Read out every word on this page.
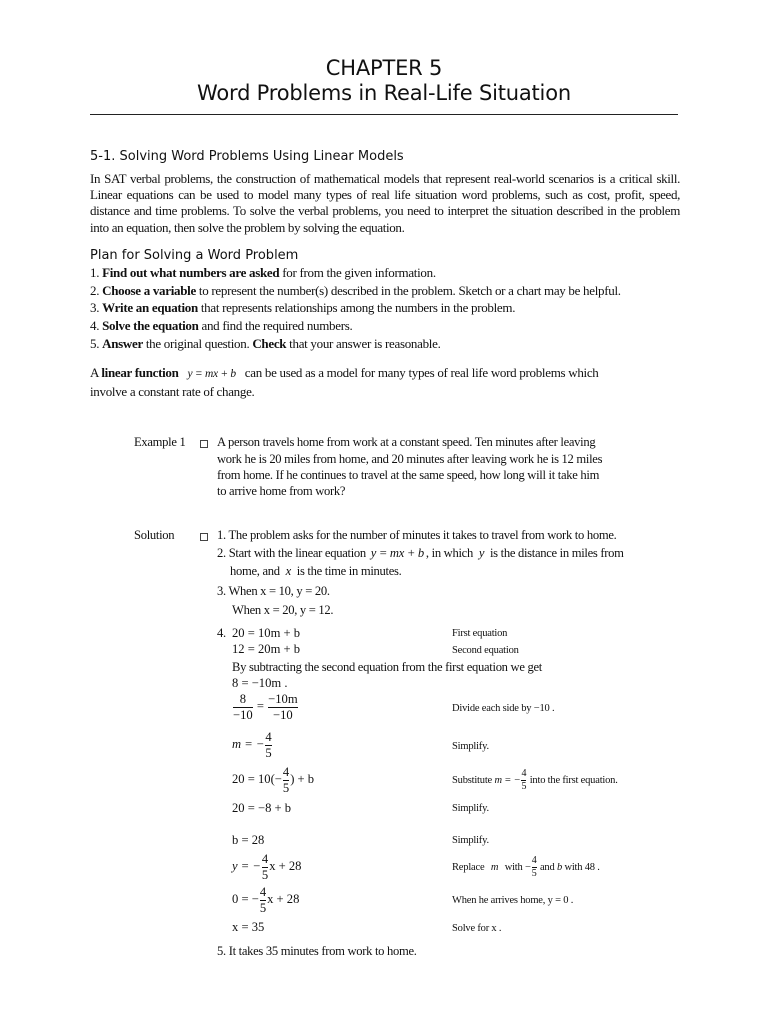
CHAPTER 5
Word Problems in Real-Life Situation
5-1. Solving Word Problems Using Linear Models
In SAT verbal problems, the construction of mathematical models that represent real-world scenarios is a critical skill. Linear equations can be used to model many types of real life situation word problems, such as cost, profit, speed, distance and time problems. To solve the verbal problems, you need to interpret the situation described in the problem into an equation, then solve the problem by solving the equation.
Plan for Solving a Word Problem
1. Find out what numbers are asked for from the given information.
2. Choose a variable to represent the number(s) described in the problem. Sketch or a chart may be helpful.
3. Write an equation that represents relationships among the numbers in the problem.
4. Solve the equation and find the required numbers.
5. Answer the original question. Check that your answer is reasonable.
A linear function y = mx + b can be used as a model for many types of real life word problems which
involve a constant rate of change.
Example 1 A person travels home from work at a constant speed. Ten minutes after leaving
work he is 20 miles from home, and 20 minutes after leaving work he is 12 miles
from home. If he continues to travel at the same speed, how long will it take him
to arrive home from work?
Solution	1. The problem asks for the number of minutes it takes to travel from work to home.
2. Start with the linear equation y = mx + b , in which y is the distance in miles from
home, and x is the time in minutes.
3. When x = 10, y = 20.
When x = 20, y = 12.
4. 20 = 10m + b	First equation
12 = 20m + b	Second equation
By subtracting the second equation from the first equation we get
8 = −10m .
$\frac{8}{-10} = \frac{-10m}{-10}$	Divide each side by −10 .
m = − $\frac{4}{5}$	Simplify.
$20 = 10(- \frac{4}{5}$ ) + b	Substitute m = − $\frac{4}{5}$ into the first equation.
20 = −8 + b	Simplify.
b = 28	Simplify.
y = − $\frac{4}{5}$ x + 28	Replace m with − $\frac{4}{5}$ and b with 48 .
0 = − $\frac{4}{5}$ x + 28	When he arrives home, y = 0 .
x = 35	Solve for x .
5. It takes 35 minutes from work to home.
